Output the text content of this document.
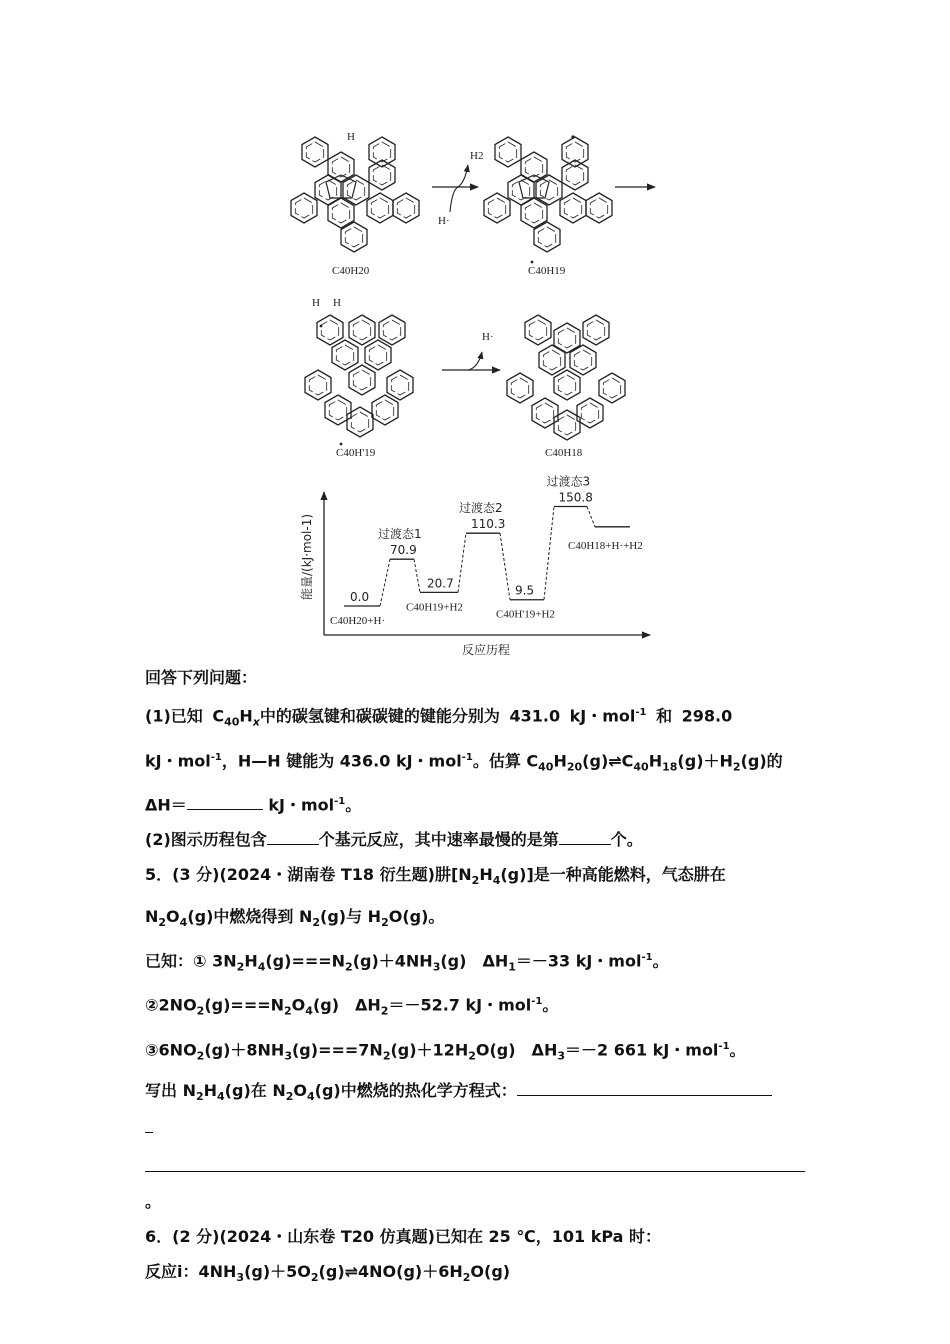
H
C40H20
H2
H·
C40H19
H H
C40H'19
H·
C40H18
能量/(kJ·mol-1)
反应历程
0.0
C40H20+H·
70.9
过渡态1
20.7
C40H19+H2
110.3
过渡态2
9.5
C40H'19+H2
150.8
过渡态3
C40H18+H·+H2
回答下列问题：
(1)已知 $C_{40}H_x$中的碳氢键和碳碳键的键能分别为 431.0 kJ・mol$^{-1}$ 和 298.0
kJ・mol$^{-1}$，H—H 键能为 436.0 kJ・mol$^{-1}$。估算 $C_{40}H_{20}(g)\rightleftharpoons C_{40}H_{18}(g)+H_2(g)$的
ΔH＝	kJ・mol$^{-1}$。
(2)图示历程包含	个基元反应，其中速率最慢的是第	个。
5．(3 分)(2024・湖南卷 T18 衍生题)肼$[N_2H_4(g)]$是一种高能燃料，气态肼在
$N_2O_4(g)$中燃烧得到 $N_2(g)$与 $H_2O(g)$。
已知：① $3N_2H_4(g)===N_2(g)+4NH_3(g)$　$\Delta H_1=-33$ kJ・mol$^{-1}$。
$②2NO_2(g)===N_2O_4(g)$　$\Delta H_2=-52.7$ kJ・mol$^{-1}$。
$③6NO_2(g)+8NH_3(g)===7N_2(g)+12H_2O(g)$　$\Delta H_3=-2$ 661 kJ・mol$^{-1}$。
写出 $N_2H_4(g)$在 $N_2O_4(g)$中燃烧的热化学方程式：
。
6．(2 分)(2024・山东卷 T20 仿真题)已知在 25 ℃，101 kPa 时：
反应ⅰ：$4NH_3(g)+5O_2(g)\rightleftharpoons 4NO(g)+6H_2O(g)$
